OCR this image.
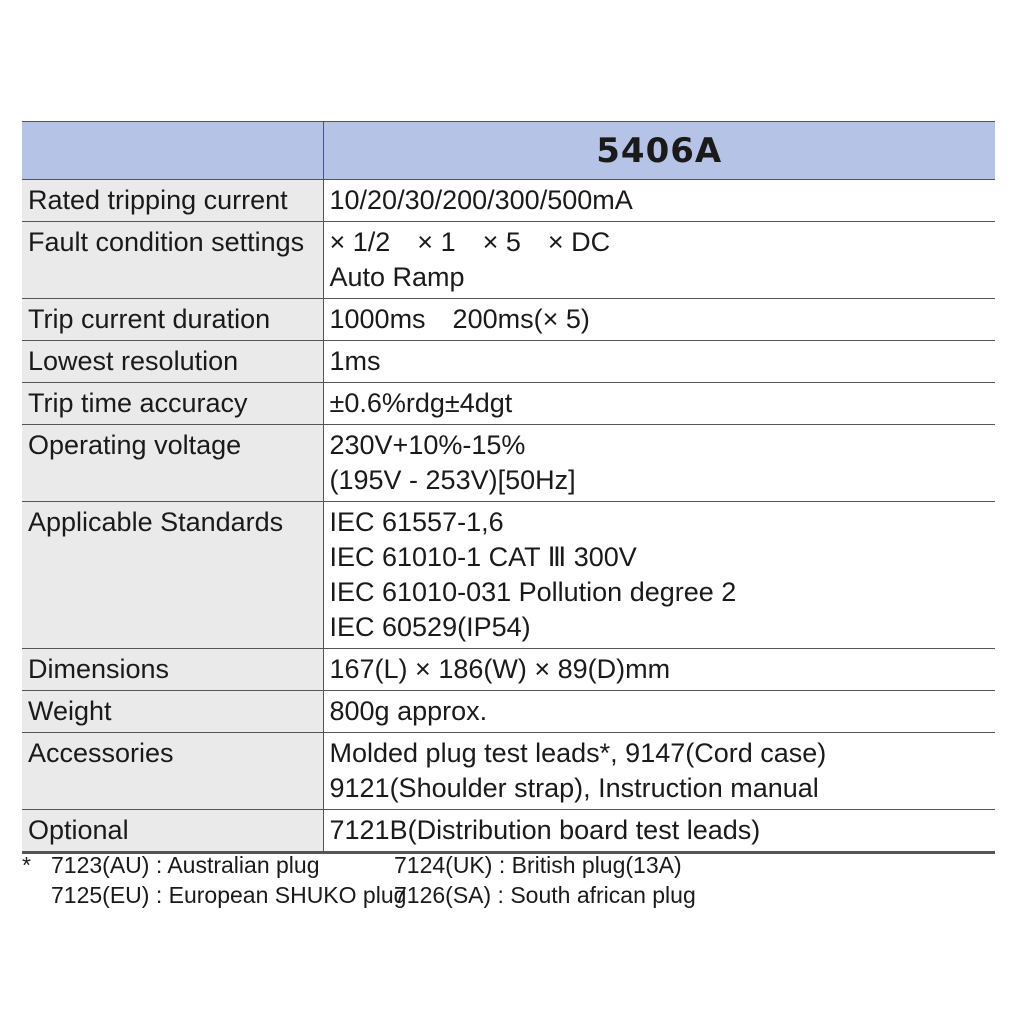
	5406A
Rated tripping current	10/20/30/200/300/500mA

Fault condition settings	× 1/2　× 1　× 5　× DC
Auto Ramp

Trip current duration	1000ms　200ms(× 5)

Lowest resolution	1ms

Trip time accuracy	±0.6%rdg±4dgt

Operating voltage	230V+10%-15%
(195V - 253V)[50Hz]

Applicable Standards	IEC 61557-1,6
IEC 61010-1 CAT Ⅲ 300V
IEC 61010-031 Pollution degree 2
IEC 60529(IP54)

Dimensions	167(L) × 186(W) × 89(D)mm

Weight	800g approx.

Accessories	Molded plug test leads*, 9147(Cord case)
9121(Shoulder strap), Instruction manual

Optional	7121B(Distribution board test leads)
* 7123(AU) : Australian plug	7124(UK) : British plug(13A)
7125(EU) : European SHUKO plug
7126(SA) : South african plug
